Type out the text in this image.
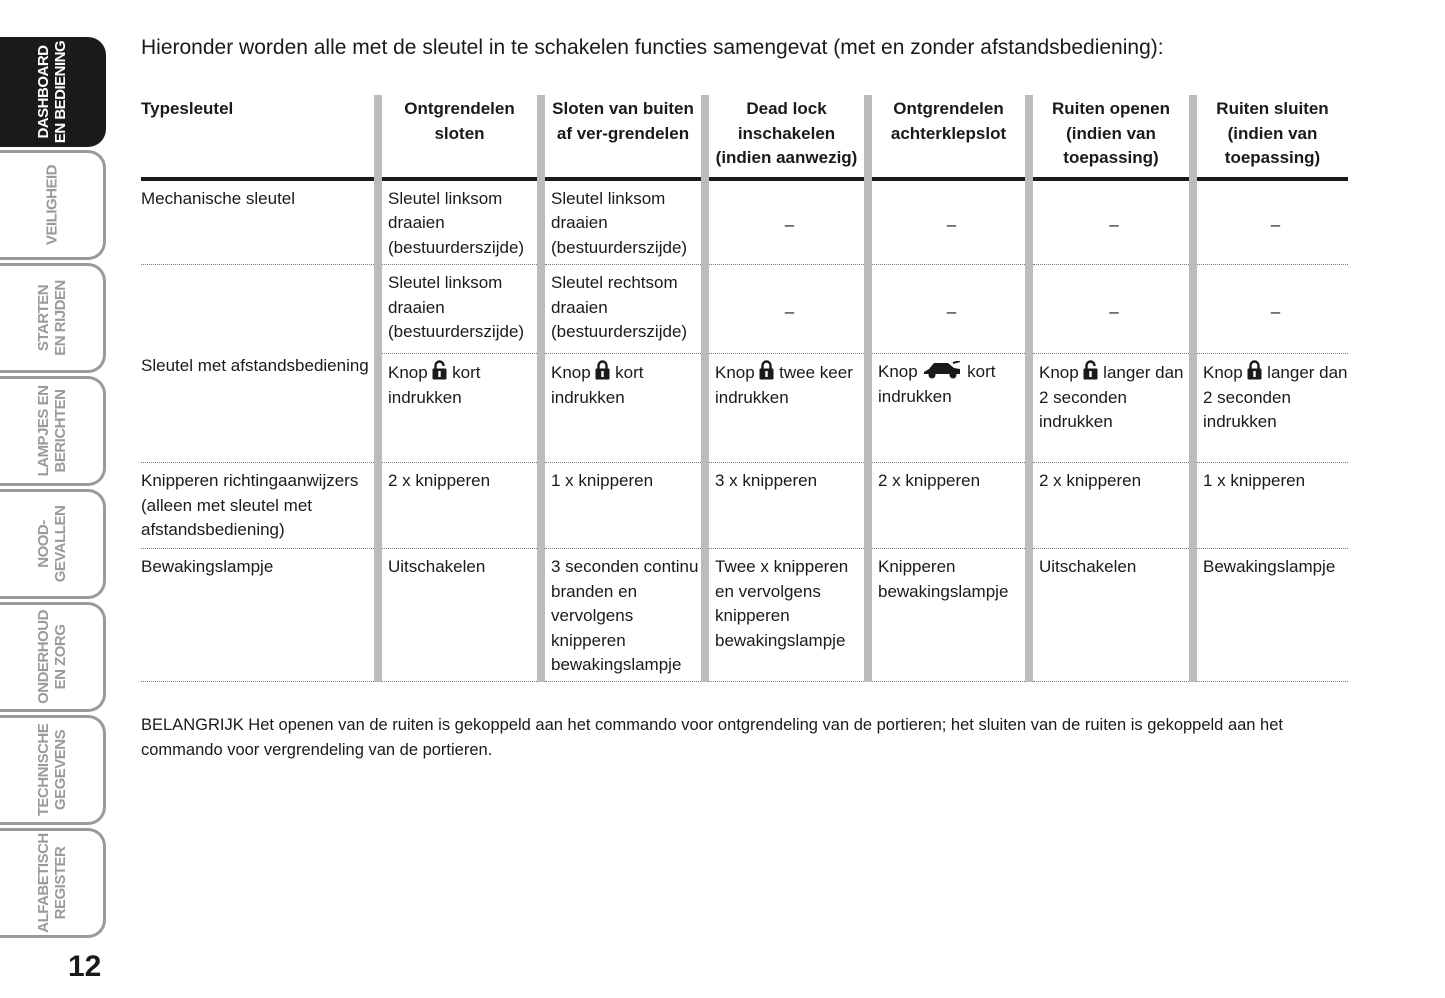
DASHBOARD EN BEDIENING
VEILIGHEID
STARTEN EN RIJDEN
LAMPJES EN BERICHTEN
NOOD- GEVALLEN
ONDERHOUD EN ZORG
TECHNISCHE GEGEVENS
ALFABETISCH REGISTER
12
Hieronder worden alle met de sleutel in te schakelen functies samengevat (met en zonder afstandsbediening):
Typesleutel	Ontgrendelen sloten	Sloten van buiten af ver-grendelen	Dead lock inschakelen (indien aanwezig)	Ontgrendelen achterklepslot	Ruiten openen (indien van toepassing)	Ruiten sluiten (indien van toepassing)
Mechanische sleutel	Sleutel linksom draaien (bestuurderszijde)	Sleutel linksom draaien (bestuurderszijde)	–	–	–	–
Sleutel met afstandsbediening	Sleutel linksom draaien (bestuurderszijde)	Sleutel rechtsom draaien (bestuurderszijde)	–	–	–	–
	Knop kort indrukken	Knop kort indrukken	Knop twee keer indrukken	Knop kort indrukken	Knop langer dan 2 seconden indrukken	Knop langer dan 2 seconden indrukken
Knipperen richtingaanwijzers (alleen met sleutel met afstandsbediening)	2 x knipperen	1 x knipperen	3 x knipperen	2 x knipperen	2 x knipperen	1 x knipperen
Bewakingslampje	Uitschakelen	3 seconden continu branden en vervolgens knipperen bewakingslampje	Twee x knipperen en vervolgens knipperen bewakingslampje	Knipperen bewakingslampje	Uitschakelen	Bewakingslampje
BELANGRIJK Het openen van de ruiten is gekoppeld aan het commando voor ontgrendeling van de portieren; het sluiten van de ruiten is gekoppeld aan het commando voor vergrendeling van de portieren.
